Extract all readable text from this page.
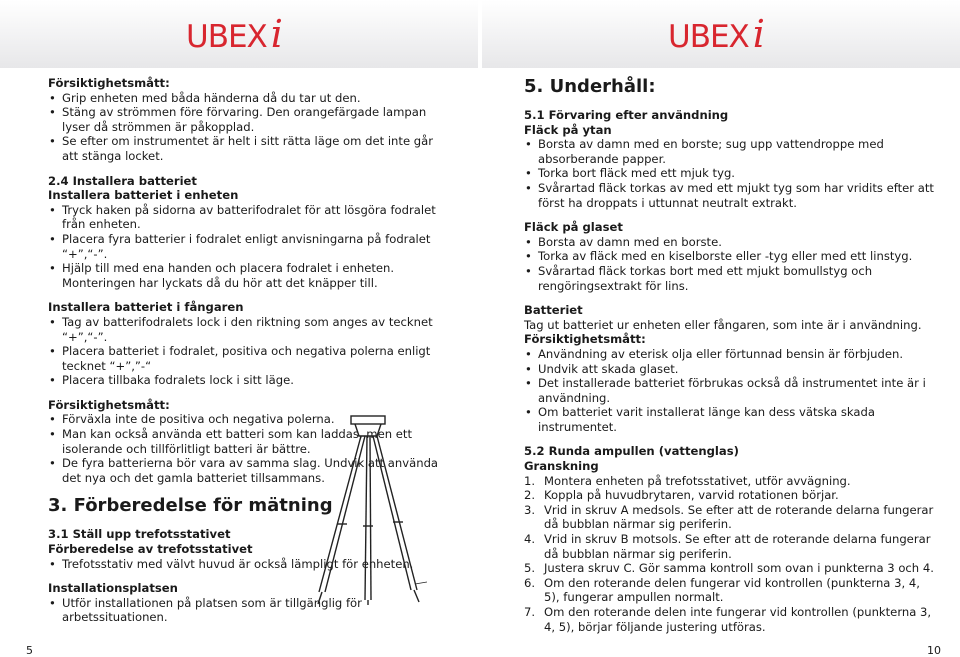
UBEX i

Försiktighetsmått:

• Grip enheten med båda händerna då du tar ut den.

• Stäng av strömmen före förvaring. Den orangefärgade lampan lyser då strömmen är påkopplad.

• Se efter om instrumentet är helt i sitt rätta läge om det inte går att stänga locket.

2.4 Installera batteriet

Installera batteriet i enheten

• Tryck haken på sidorna av batterifodralet för att lösgöra fodralet från enheten.

• Placera fyra batterier i fodralet enligt anvisningarna på fodralet “+”,“-”.

• Hjälp till med ena handen och placera fodralet i enheten. Monteringen har lyckats då du hör att det knäpper till.

Installera batteriet i fångaren

• Tag av batterifodralets lock i den riktning som anges av tecknet “+”,“-”.

• Placera batteriet i fodralet, positiva och negativa polerna enligt tecknet “+”,”-“

• Placera tillbaka fodralets lock i sitt läge.

Försiktighetsmått:

• Förväxla inte de positiva och negativa polerna.

• Man kan också använda ett batteri som kan laddas, men ett isolerande och tillförlitligt batteri är bättre.

• De fyra batterierna bör vara av samma slag. Undvik att använda det nya och det gamla batteriet tillsammans.

3. Förberedelse för mätning

3.1 Ställ upp trefotsstativet

Förberedelse av trefotsstativet

• Trefotsstativ med välvt huvud är också lämpligt för enheten.

Installationsplatsen

• Utför installationen på platsen som är tillgänglig för arbetssituationen.

5
UBEX i

5. Underhåll:

5.1 Förvaring efter användning

Fläck på ytan

• Borsta av damn med en borste; sug upp vattendroppe med absorberande papper.

• Torka bort fläck med ett mjuk tyg.

• Svårartad fläck torkas av med ett mjukt tyg som har vridits efter att först ha droppats i uttunnat neutralt extrakt.

Fläck på glaset

• Borsta av damn med en borste.

• Torka av fläck med en kiselborste eller -tyg eller med ett linstyg.

• Svårartad fläck torkas bort med ett mjukt bomullstyg och rengöringsextrakt för lins.

Batteriet

Tag ut batteriet ur enheten eller fångaren, som inte är i användning.

Försiktighetsmått:

• Användning av eterisk olja eller förtunnad bensin är förbjuden.

• Undvik att skada glaset.

• Det installerade batteriet förbrukas också då instrumentet inte är i användning.

• Om batteriet varit installerat länge kan dess vätska skada instrumentet.

5.2 Runda ampullen (vattenglas)

Granskning

1. Montera enheten på trefotsstativet, utför avvägning.
2. Koppla på huvudbrytaren, varvid rotationen börjar.
3. Vrid in skruv A medsols. Se efter att de roterande delarna fungerar då bubblan närmar sig periferin.
4. Vrid in skruv B motsols. Se efter att de roterande delarna fungerar då bubblan närmar sig periferin.
5. Justera skruv C. Gör samma kontroll som ovan i punkterna 3 och 4.
6. Om den roterande delen fungerar vid kontrollen (punkterna 3, 4, 5), fungerar ampullen normalt.
7. Om den roterande delen inte fungerar vid kontrollen (punkterna 3, 4, 5), börjar följande justering utföras.
10
